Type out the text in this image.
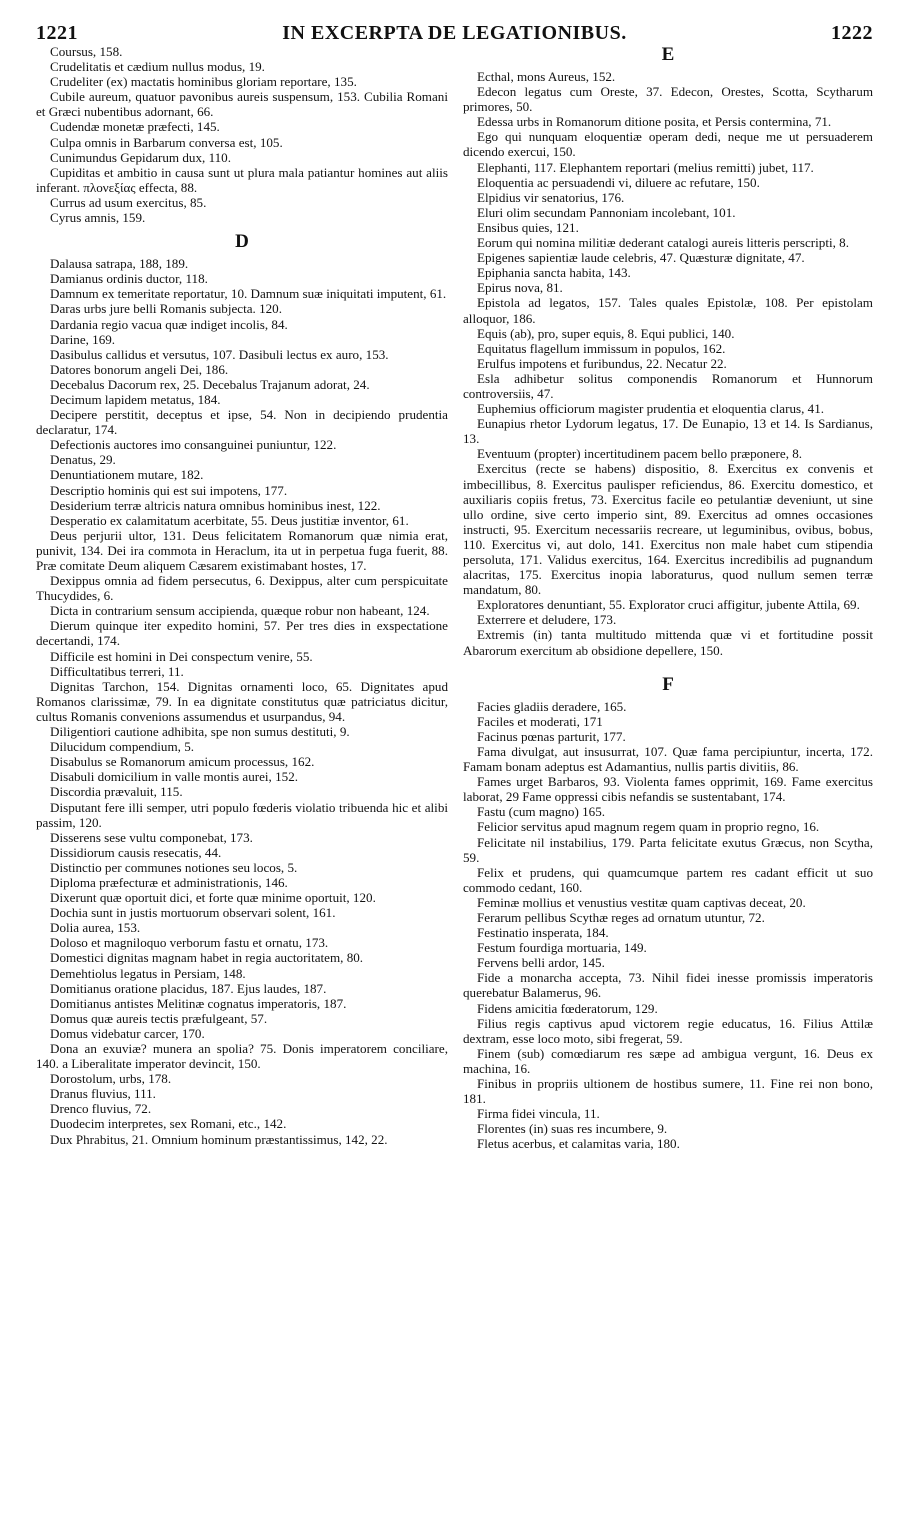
1221	IN EXCERPTA DE LEGATIONIBUS.	1222

Coursus, 158.

Crudelitatis et cædium nullus modus, 19.

Crudeliter (ex) mactatis hominibus gloriam reportare, 135.

Cubile aureum, quatuor pavonibus aureis suspensum, 153. Cubilia Romani et Græci nubentibus adornant, 66.

Cudendæ monetæ præfecti, 145.

Culpa omnis in Barbarum conversa est, 105.

Cunimundus Gepidarum dux, 110.

Cupiditas et ambitio in causa sunt ut plura mala patiantur homines aut aliis inferant. πλονεξίας effecta, 88.

Currus ad usum exercitus, 85.

Cyrus amnis, 159.

D

Dalausa satrapa, 188, 189.

Damianus ordinis ductor, 118.

Damnum ex temeritate reportatur, 10. Damnum suæ iniquitati imputent, 61.

Daras urbs jure belli Romanis subjecta. 120.

Dardania regio vacua quæ indiget incolis, 84.

Darine, 169.

Dasibulus callidus et versutus, 107. Dasibuli lectus ex auro, 153.

Datores bonorum angeli Dei, 186.

Decebalus Dacorum rex, 25. Decebalus Trajanum adorat, 24.

Decimum lapidem metatus, 184.

Decipere perstitit, deceptus et ipse, 54. Non in decipiendo prudentia declaratur, 174.

Defectionis auctores imo consanguinei puniuntur, 122.

Denatus, 29.

Denuntiationem mutare, 182.

Descriptio hominis qui est sui impotens, 177.

Desiderium terræ altricis natura omnibus hominibus inest, 122.

Desperatio ex calamitatum acerbitate, 55. Deus justitiæ inventor, 61.

Deus perjurii ultor, 131. Deus felicitatem Romanorum quæ nimia erat, punivit, 134. Dei ira commota in Heraclum, ita ut in perpetua fuga fuerit, 88. Præ comitate Deum aliquem Cæsarem existimabant hostes, 17.

Dexippus omnia ad fidem persecutus, 6. Dexippus, alter cum perspicuitate Thucydides, 6.

Dicta in contrarium sensum accipienda, quæque robur non habeant, 124.

Dierum quinque iter expedito homini, 57. Per tres dies in exspectatione decertandi, 174.

Difficile est homini in Dei conspectum venire, 55.

Difficultatibus terreri, 11.

Dignitas Tarchon, 154. Dignitas ornamenti loco, 65. Dignitates apud Romanos clarissimæ, 79. In ea dignitate constitutus quæ patriciatus dicitur, cultus Romanis convenions assumendus et usurpandus, 94.

Diligentiori cautione adhibita, spe non sumus destituti, 9.

Dilucidum compendium, 5.

Disabulus se Romanorum amicum processus, 162.

Disabuli domicilium in valle montis aurei, 152.

Discordia prævaluit, 115.

Disputant fere illi semper, utri populo fœderis violatio tribuenda hic et alibi passim, 120.

Disserens sese vultu componebat, 173.

Dissidiorum causis resecatis, 44.

Distinctio per communes notiones seu locos, 5.

Diploma præfecturæ et administrationis, 146.

Dixerunt quæ oportuit dici, et forte quæ minime oportuit, 120.

Dochia sunt in justis mortuorum observari solent, 161.

Dolia aurea, 153.

Doloso et magniloquo verborum fastu et ornatu, 173.

Domestici dignitas magnam habet in regia auctoritatem, 80.

Demehtiolus legatus in Persiam, 148.

Domitianus oratione placidus, 187. Ejus laudes, 187.

Domitianus antistes Melitinæ cognatus imperatoris, 187.

Domus quæ aureis tectis præfulgeant, 57.

Domus videbatur carcer, 170.

Dona an exuviæ? munera an spolia? 75. Donis imperatorem conciliare, 140. a Liberalitate imperator devincit, 150.

Dorostolum, urbs, 178.

Dranus fluvius, 111.

Drenco fluvius, 72.

Duodecim interpretes, sex Romani, etc., 142.

Dux Phrabitus, 21. Omnium hominum præstantissimus, 142, 22.

E

Ecthal, mons Aureus, 152.

Edecon legatus cum Oreste, 37. Edecon, Orestes, Scotta, Scytharum primores, 50.

Edessa urbs in Romanorum ditione posita, et Persis contermina, 71.

Ego qui nunquam eloquentiæ operam dedi, neque me ut persuaderem dicendo exercui, 150.

Elephanti, 117. Elephantem reportari (melius remitti) jubet, 117.

Eloquentia ac persuadendi vi, diluere ac refutare, 150.

Elpidius vir senatorius, 176.

Eluri olim secundam Pannoniam incolebant, 101.

Ensibus quies, 121.

Eorum qui nomina militiæ dederant catalogi aureis litteris perscripti, 8.

Epigenes sapientiæ laude celebris, 47. Quæsturæ dignitate, 47.

Epiphania sancta habita, 143.

Epirus nova, 81.

Epistola ad legatos, 157. Tales quales Epistolæ, 108. Per epistolam alloquor, 186.

Equis (ab), pro, super equis, 8. Equi publici, 140.

Equitatus flagellum immissum in populos, 162.

Erulfus impotens et furibundus, 22. Necatur 22.

Esla adhibetur solitus componendis Romanorum et Hunnorum controversiis, 47.

Euphemius officiorum magister prudentia et eloquentia clarus, 41.

Eunapius rhetor Lydorum legatus, 17. De Eunapio, 13 et 14. Is Sardianus, 13.

Eventuum (propter) incertitudinem pacem bello præponere, 8.

Exercitus (recte se habens) dispositio, 8. Exercitus ex convenis et imbecillibus, 8. Exercitus paulisper reficiendus, 86. Exercitu domestico, et auxiliaris copiis fretus, 73. Exercitus facile eo petulantiæ deveniunt, ut sine ullo ordine, sive certo imperio sint, 89. Exercitus ad omnes occasiones instructi, 95. Exercitum necessariis recreare, ut leguminibus, ovibus, bobus, 110. Exercitus vi, aut dolo, 141. Exercitus non male habet cum stipendia persoluta, 171. Validus exercitus, 164. Exercitus incredibilis ad pugnandum alacritas, 175. Exercitus inopia laboraturus, quod nullum semen terræ mandatum, 80.

Exploratores denuntiant, 55. Explorator cruci affigitur, jubente Attila, 69.

Exterrere et deludere, 173.

Extremis (in) tanta multitudo mittenda quæ vi et fortitudine possit Abarorum exercitum ab obsidione depellere, 150.

F

Facies gladiis deradere, 165.

Faciles et moderati, 171

Facinus pœnas parturit, 177.

Fama divulgat, aut insusurrat, 107. Quæ fama percipiuntur, incerta, 172. Famam bonam adeptus est Adamantius, nullis partis divitiis, 86.

Fames urget Barbaros, 93. Violenta fames opprimit, 169. Fame exercitus laborat, 29 Fame oppressi cibis nefandis se sustentabant, 174.

Fastu (cum magno) 165.

Felicior servitus apud magnum regem quam in proprio regno, 16.

Felicitate nil instabilius, 179. Parta felicitate exutus Græcus, non Scytha, 59.

Felix et prudens, qui quamcumque partem res cadant efficit ut suo commodo cedant, 160.

Feminæ mollius et venustius vestitæ quam captivas deceat, 20.

Ferarum pellibus Scythæ reges ad ornatum utuntur, 72.

Festinatio insperata, 184.

Festum fourdiga mortuaria, 149.

Fervens belli ardor, 145.

Fide a monarcha accepta, 73. Nihil fidei inesse promissis imperatoris querebatur Balamerus, 96.

Fidens amicitia fœderatorum, 129.

Filius regis captivus apud victorem regie educatus, 16. Filius Attilæ dextram, esse loco moto, sibi fregerat, 59.

Finem (sub) comœdiarum res sæpe ad ambigua vergunt, 16. Deus ex machina, 16.

Finibus in propriis ultionem de hostibus sumere, 11. Fine rei non bono, 181.

Firma fidei vincula, 11.

Florentes (in) suas res incumbere, 9.

Fletus acerbus, et calamitas varia, 180.
